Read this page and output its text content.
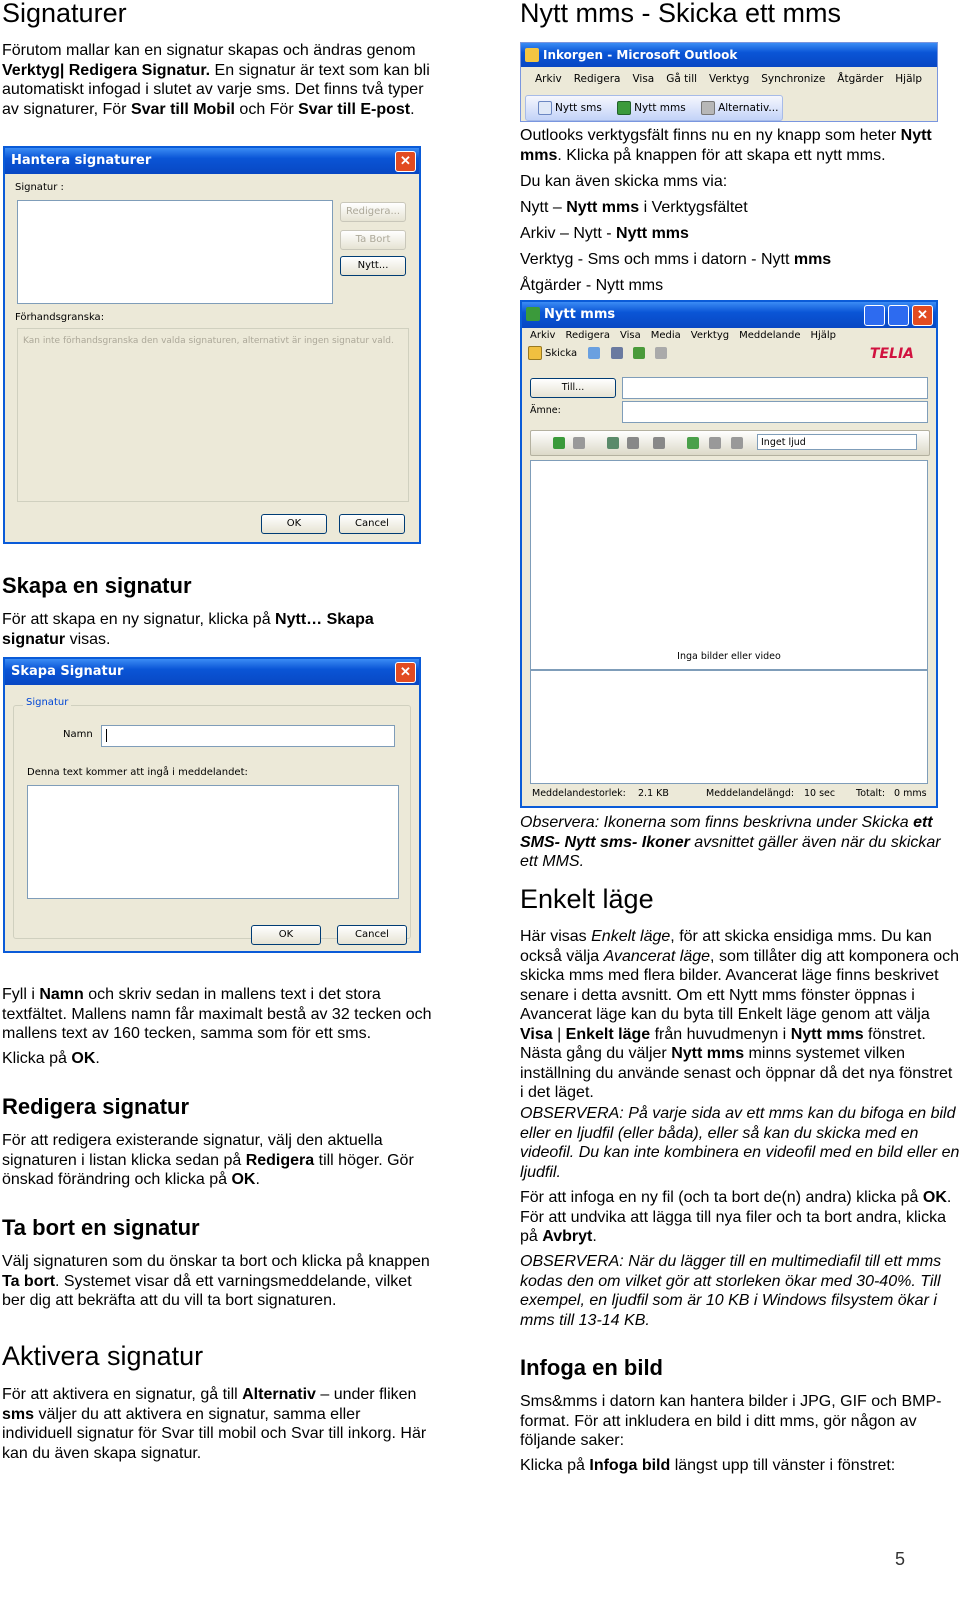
Signaturer

Förutom mallar kan en signatur skapas och ändras genom Verktyg| Redigera Signatur. En signatur är text som kan bli automatiskt infogad i slutet av varje sms. Det finns två typer av signaturer, För Svar till Mobil och För Svar till E-post.

Hantera signaturer	✕
Signatur :
Redigera...
Ta Bort
Nytt...
Förhandsgranska:
Kan inte förhandsgranska den valda signaturen, alternativt är ingen signatur vald.
OK	Cancel
Skapa en signatur

För att skapa en ny signatur, klicka på Nytt… Skapa signatur visas.

Skapa Signatur	✕
Signatur
Namn
Denna text kommer att ingå i meddelandet:
OK	Cancel

Fyll i Namn och skriv sedan in mallens text i det stora textfältet. Mallens namn får maximalt bestå av 32 tecken och mallens text av 160 tecken, samma som för ett sms.

Klicka på OK.

Redigera signatur

För att redigera existerande signatur, välj den aktuella signaturen i listan klicka sedan på Redigera till höger. Gör önskad förändring och klicka på OK.

Ta bort en signatur

Välj signaturen som du önskar ta bort och klicka på knappen Ta bort. Systemet visar då ett varningsmeddelande, vilket ber dig att bekräfta att du vill ta bort signaturen.

Aktivera signatur

För att aktivera en signatur, gå till Alternativ – under fliken sms väljer du att aktivera en signatur, samma eller individuell signatur för Svar till mobil och Svar till inkorg. Här kan du även skapa signatur.

Nytt mms - Skicka ett mms
Inkorgen - Microsoft Outlook
Arkiv Redigera Visa Gå till Verktyg Synchronize Åtgärder Hjälp
Nytt sms	Nytt mms	Alternativ...

Outlooks verktygsfält finns nu en ny knapp som heter Nytt mms. Klicka på knappen för att skapa ett nytt mms.

Du kan även skicka mms via:

Nytt – Nytt mms i Verktygsfältet

Arkiv – Nytt - Nytt mms

Verktyg - Sms och mms i datorn - Nytt mms

Åtgärder - Nytt mms

Nytt mms	✕
Arkiv Redigera Visa Media Verktyg Meddelande Hjälp
Skicka	TELIA
Till...
Ämne:
Inget ljud
Inga bilder eller video
Meddelandestorlek: 2.1 KB	Meddelandelängd: 10 sec Totalt: 0 mms

Observera: Ikonerna som finns beskrivna under Skicka ett SMS- Nytt sms- Ikoner avsnittet gäller även när du skickar ett MMS.

Enkelt läge

Här visas Enkelt läge, för att skicka ensidiga mms. Du kan också välja Avancerat läge, som tillåter dig att komponera och skicka mms med flera bilder. Avancerat läge finns beskrivet senare i detta avsnitt. Om ett Nytt mms fönster öppnas i Avancerat läge kan du byta till Enkelt läge genom att välja Visa | Enkelt läge från huvudmenyn i Nytt mms fönstret. Nästa gång du väljer Nytt mms minns systemet vilken inställning du använde senast och öppnar då det nya fönstret i det läget.

OBSERVERA: På varje sida av ett mms kan du bifoga en bild eller en ljudfil (eller båda), eller så kan du skicka med en videofil. Du kan inte kombinera en videofil med en bild eller en ljudfil.

För att infoga en ny fil (och ta bort de(n) andra) klicka på OK. För att undvika att lägga till nya filer och ta bort andra, klicka på Avbryt.

OBSERVERA: När du lägger till en multimediafil till ett mms kodas den om vilket gör att storleken ökar med 30-40%. Till exempel, en ljudfil som är 10 KB i Windows filsystem ökar i mms till 13-14 KB.

Infoga en bild

Sms&mms i datorn kan hantera bilder i JPG, GIF och BMP-format. För att inkludera en bild i ditt mms, gör någon av följande saker:

Klicka på Infoga bild längst upp till vänster i fönstret:

5
